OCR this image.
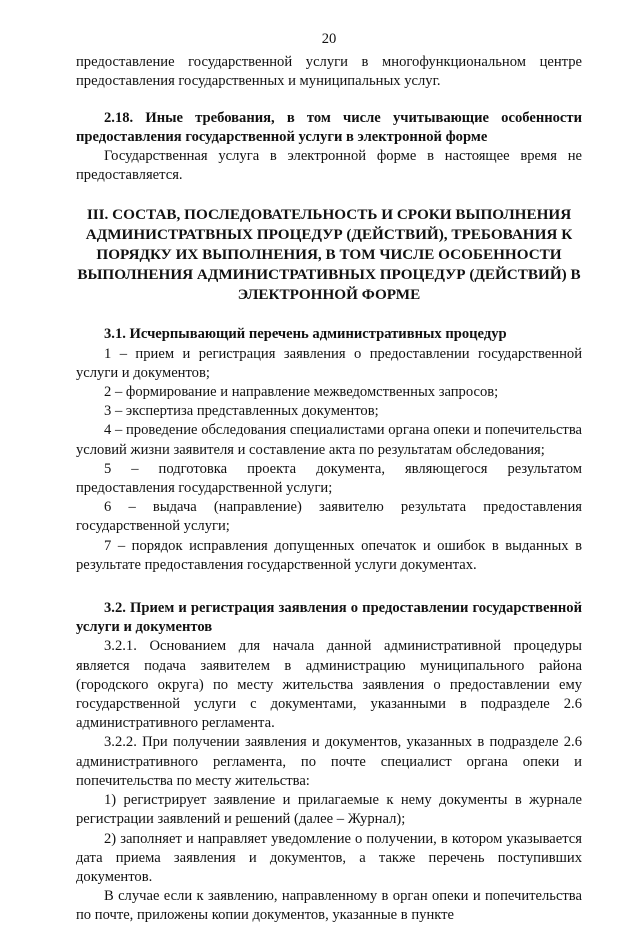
20

предоставление государственной услуги в многофункциональном центре предоставления государственных и муниципальных услуг.

2.18. Иные требования, в том числе учитывающие особенности предоставления государственной услуги в электронной форме

Государственная услуга в электронной форме в настоящее время не предоставляется.

III. СОСТАВ, ПОСЛЕДОВАТЕЛЬНОСТЬ И СРОКИ ВЫПОЛНЕНИЯ АДМИНИСТРАТВНЫХ ПРОЦЕДУР (ДЕЙСТВИЙ), ТРЕБОВАНИЯ К ПОРЯДКУ ИХ ВЫПОЛНЕНИЯ, В ТОМ ЧИСЛЕ ОСОБЕННОСТИ ВЫПОЛНЕНИЯ АДМИНИСТРАТИВНЫХ ПРОЦЕДУР (ДЕЙСТВИЙ) В ЭЛЕКТРОННОЙ ФОРМЕ

3.1. Исчерпывающий перечень административных процедур

1 – прием и регистрация заявления о предоставлении государственной услуги и документов;

2 – формирование и направление межведомственных запросов;

3 – экспертиза представленных документов;

4 – проведение обследования специалистами органа опеки и попечительства условий жизни заявителя и составление акта по результатам обследования;

5 – подготовка проекта документа, являющегося результатом предоставления государственной услуги;

6 – выдача (направление) заявителю результата предоставления государственной услуги;

7 – порядок исправления допущенных опечаток и ошибок в выданных в результате предоставления государственной услуги документах.

3.2. Прием и регистрация заявления о предоставлении государственной услуги и документов

3.2.1. Основанием для начала данной административной процедуры является подача заявителем в администрацию муниципального района (городского округа) по месту жительства заявления о предоставлении ему государственной услуги с документами, указанными в подразделе 2.6 административного регламента.

3.2.2. При получении заявления и документов, указанных в подразделе 2.6 административного регламента, по почте специалист органа опеки и попечительства по месту жительства:

1) регистрирует заявление и прилагаемые к нему документы в журнале регистрации заявлений и решений (далее – Журнал);

2) заполняет и направляет уведомление о получении, в котором указывается дата приема заявления и документов, а также перечень поступивших документов.

В случае если к заявлению, направленному в орган опеки и попечительства по почте, приложены копии документов, указанные в пункте
